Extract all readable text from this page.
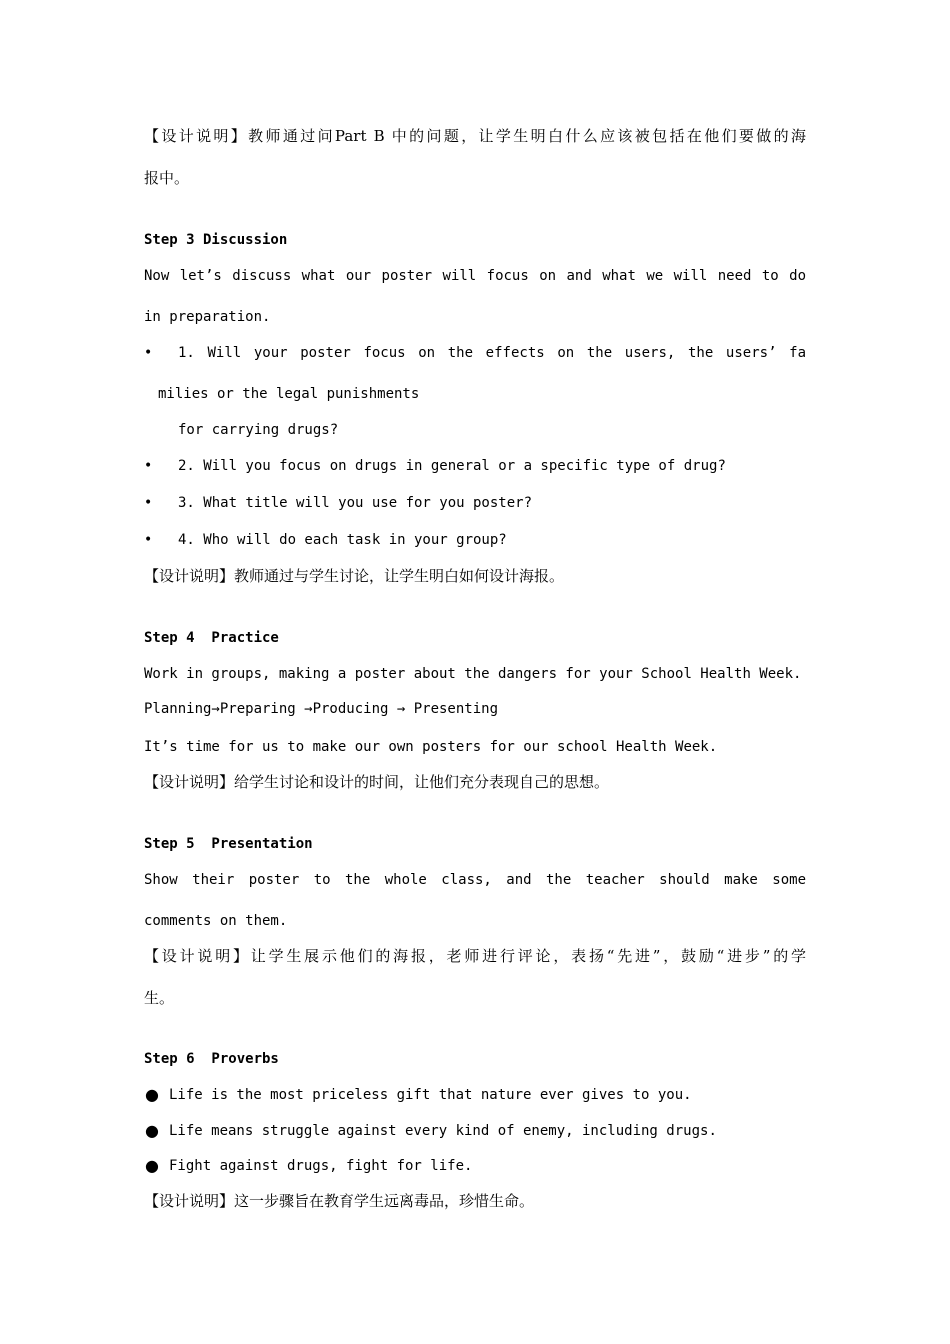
【设计说明】教师通过问Part B 中的问题，让学生明白什么应该被包括在他们要做的海
报中。
Step 3 Discussion
Now let’s discuss what our poster will focus on and what we will need to do
in preparation.
• 1. Will your poster focus on the effects on the users, the users’ fa
milies or the legal punishments
for carrying drugs?
• 2. Will you focus on drugs in general or a specific type of drug?
• 3. What title will you use for you poster?
• 4. Who will do each task in your group?
【设计说明】教师通过与学生讨论，让学生明白如何设计海报。
Step 4  Practice
Work in groups, making a poster about the dangers for your School Health Week.
Planning→Preparing →Producing → Presenting
It’s time for us to make our own posters for our school Health Week.
【设计说明】给学生讨论和设计的时间，让他们充分表现自己的思想。
Step 5  Presentation
Show their poster to the whole class, and the teacher should make some
comments on them.
【设计说明】让学生展示他们的海报，老师进行评论，表扬“先进”，鼓励“进步”的学
生。
Step 6  Proverbs
● Life is the most priceless gift that nature ever gives to you.
● Life means struggle against every kind of enemy, including drugs.
● Fight against drugs, fight for life.
【设计说明】这一步骤旨在教育学生远离毒品，珍惜生命。
